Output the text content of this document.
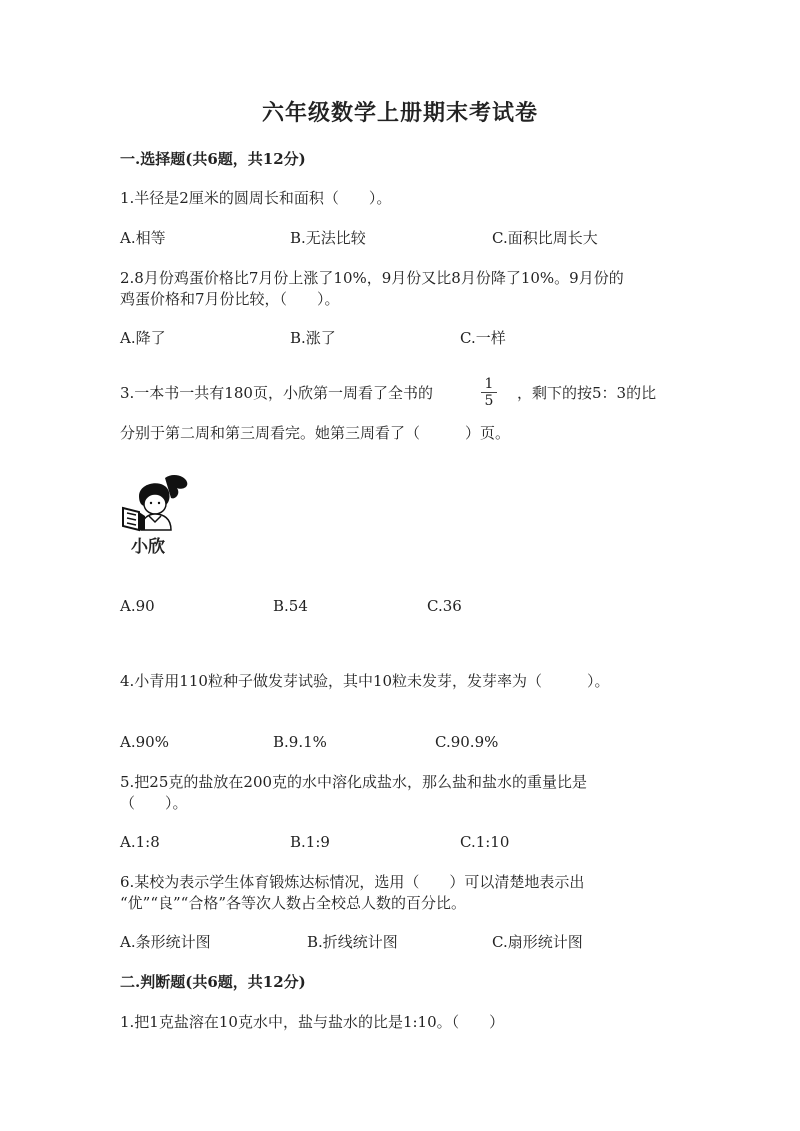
六年级数学上册期末考试卷
一.选择题(共6题，共12分)
1.半径是2厘米的圆周长和面积（　　）。
A.相等	B.无法比较	C.面积比周长大
2.8月份鸡蛋价格比7月份上涨了10%，9月份又比8月份降了10%。9月份的
鸡蛋价格和7月份比较，（　　）。
A.降了	B.涨了	C.一样
3.一本书一共有180页，小欣第一周看了全书的	1
5 ，剩下的按5：3的比
分别于第二周和第三周看完。她第三周看了（　　　）页。
小欣
A.90	B.54	C.36
4.小青用110粒种子做发芽试验，其中10粒未发芽，发芽率为（　　　）。
A.90%	B.9.1%	C.90.9%
5.把25克的盐放在200克的水中溶化成盐水，那么盐和盐水的重量比是
（　　）。
A.1:8	B.1:9	C.1:10
6.某校为表示学生体育锻炼达标情况，选用（　　）可以清楚地表示出
“优”“良”“合格”各等次人数占全校总人数的百分比。
A.条形统计图	B.折线统计图	C.扇形统计图
二.判断题(共6题，共12分)
1.把1克盐溶在10克水中，盐与盐水的比是1:10。（　　）
